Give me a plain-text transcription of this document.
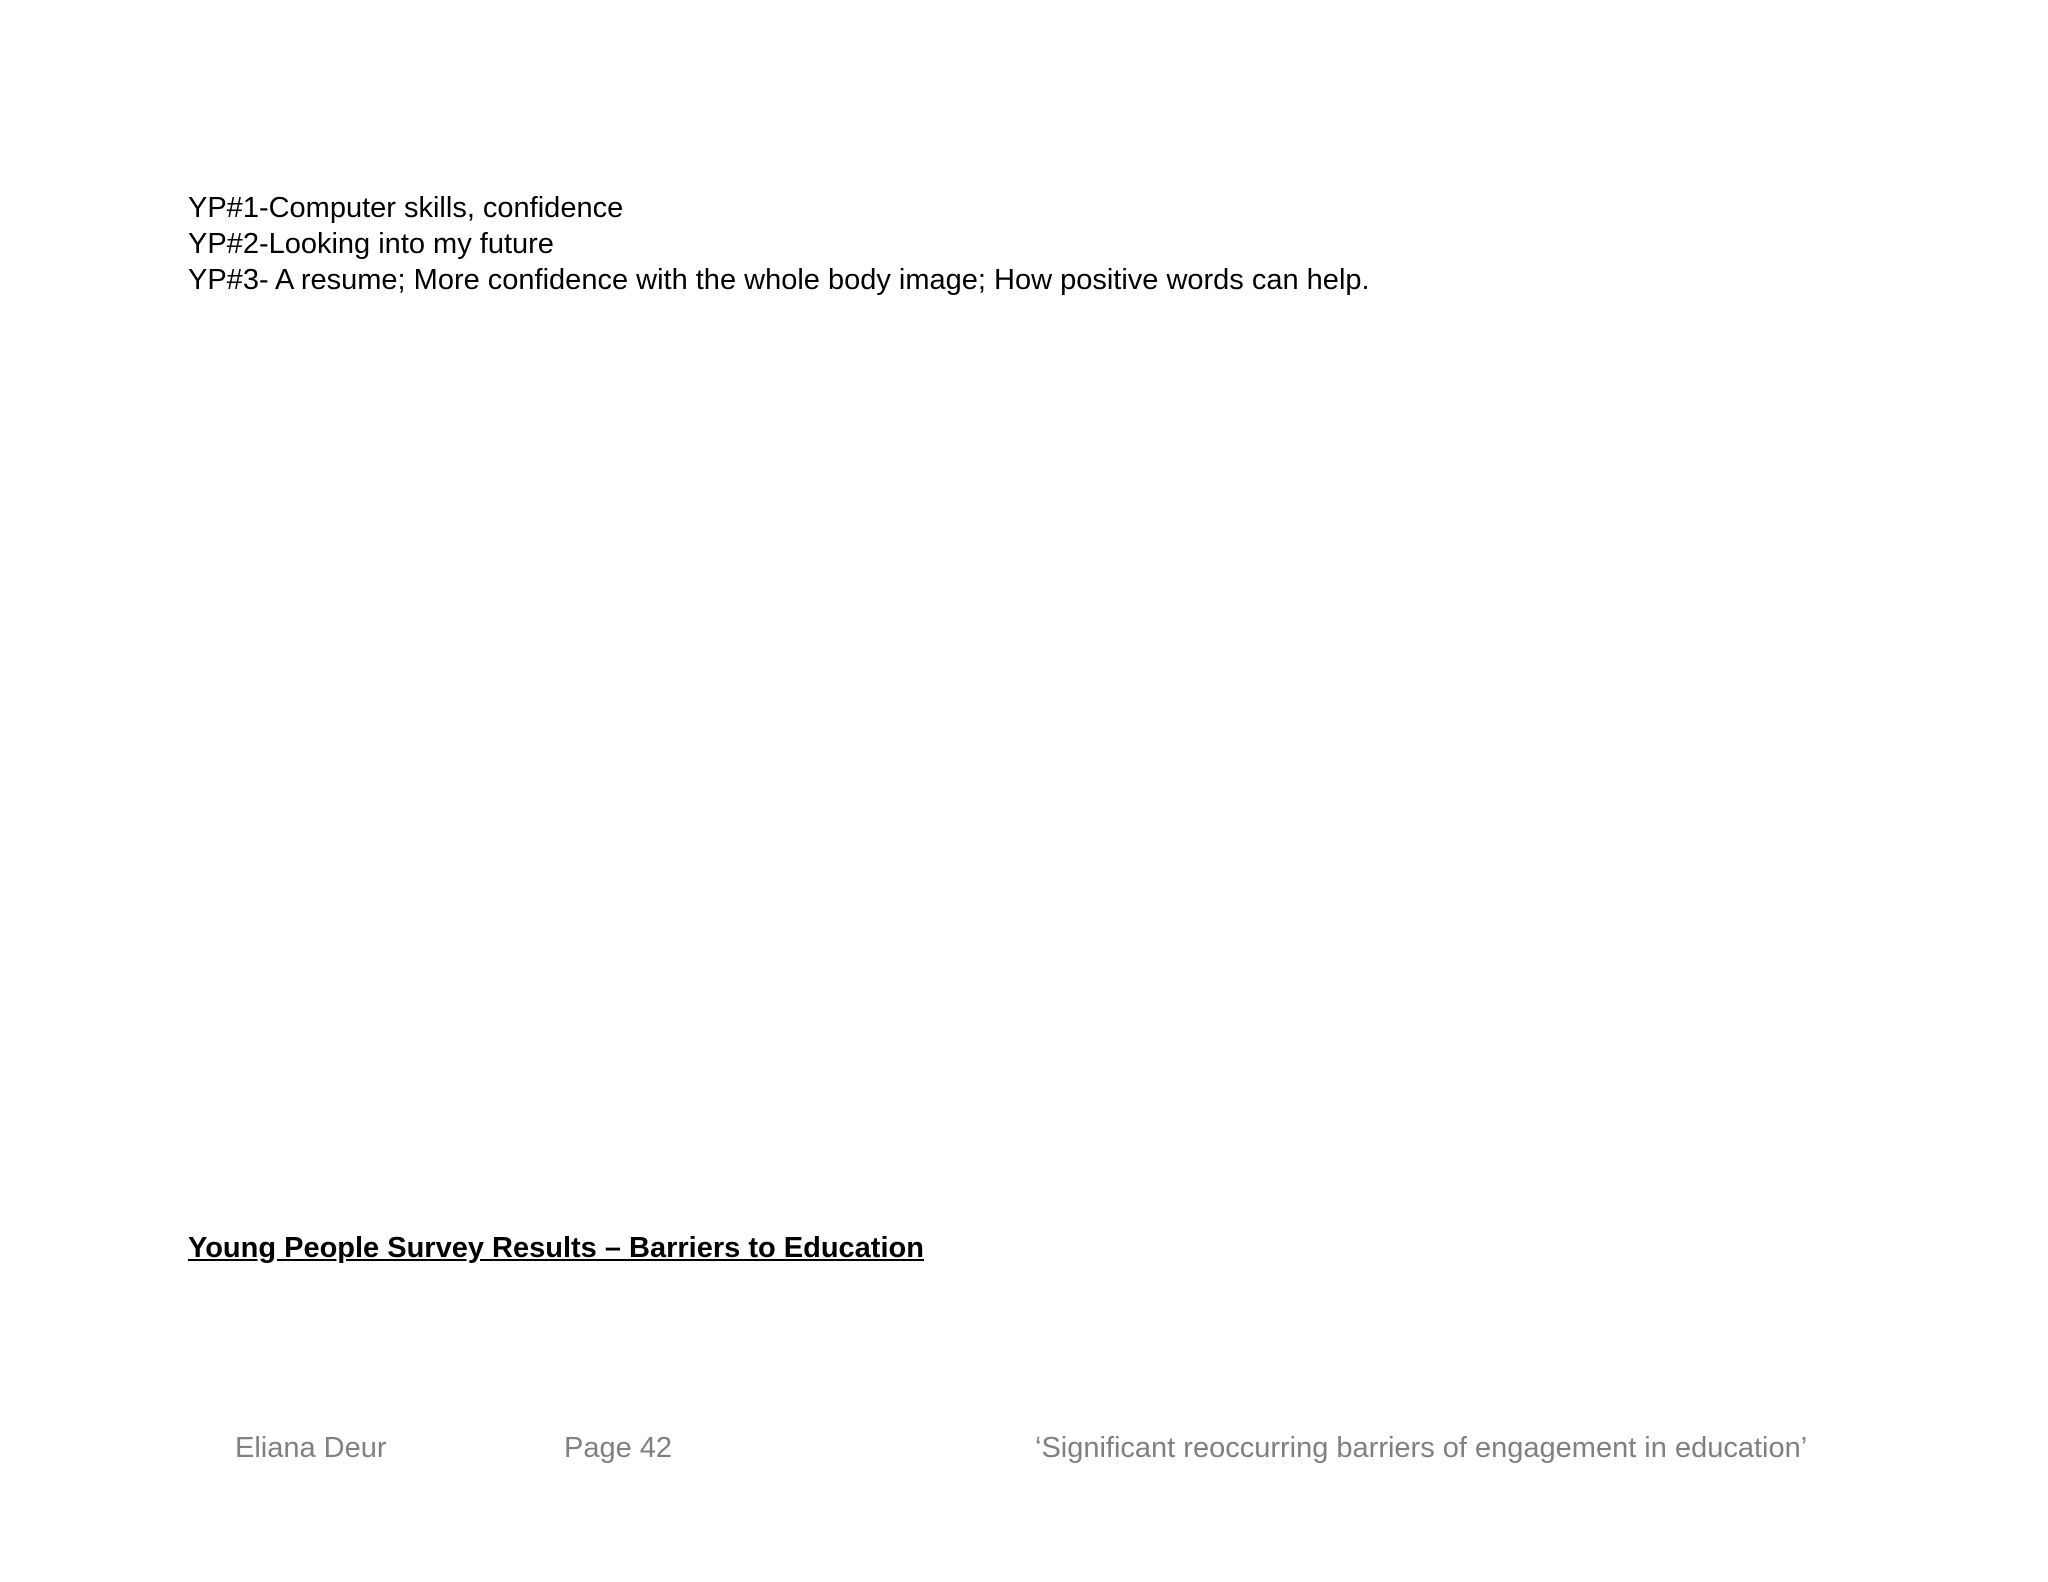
YP#1-Computer skills, confidence
YP#2-Looking into my future
YP#3- A resume; More confidence with the whole body image; How positive words can help.
Young People Survey Results – Barriers to Education
Eliana Deur	Page 42	‘Significant reoccurring barriers of engagement in education’
